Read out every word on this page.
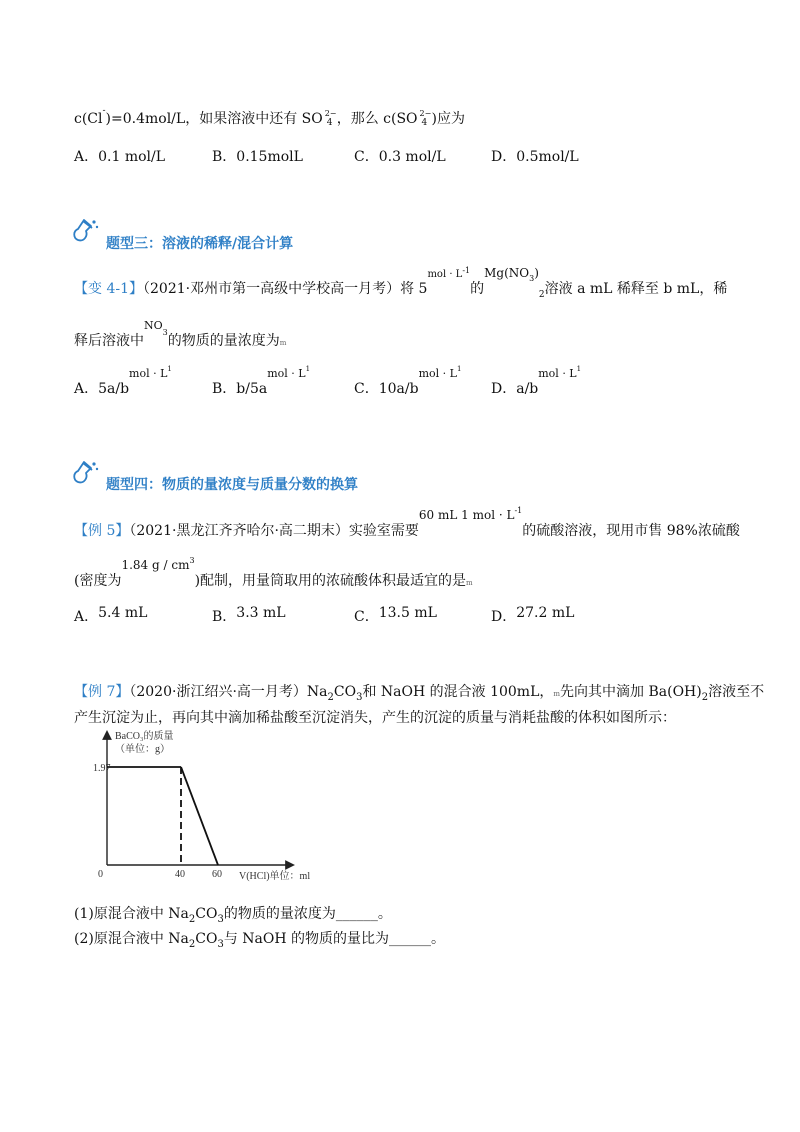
c(Cl-)=0.4mol/L，如果溶液中还有 SO 2−
4 ，那么 c(SO 2−
4 )应为
A．0.1 mol/L	B．0.15molL	C．0.3 mol/L	D．0.5mol/L
题型三：溶液的稀释/混合计算
【变 4-1】（2021·邓州市第一高级中学校高一月考）将 $5^{mol \cdot L-1}$的$Mg(NO^3)_2$溶液 a mL 稀释至 b mL，稀
释后溶液中$^{NO3}$的物质的量浓度为m
A．$5a/b^{mol \cdot L1}$
B．$b/5a^{mol \cdot L1}$
C．$10a/b^{mol \cdot L1}$
D．$a/b^{mol \cdot L1}$
题型四：物质的量浓度与质量分数的换算
【例 5】（2021·黑龙江齐齐哈尔·高二期末）实验室需要60 mL 1 mol · $L^{-1}$的硫酸溶液，现用市售 98%浓硫酸
(密度为1.84 g / $cm^3$)配制，用量筒取用的浓硫酸体积最适宜的是m
A．5.4 mL	B．3.3 mL	C．13.5 mL	D．27.2 mL
【例 7】（2020·浙江绍兴·高一月考）$Na_2CO_3$和 NaOH 的混合液 100mL，m先向其中滴加 $Ba(OH)_2$溶液至不
产生沉淀为止，再向其中滴加稀盐酸至沉淀消失，产生的沉淀的质量与消耗盐酸的体积如图所示：
BaCO₃的质量
（单位：g）
V(HCl)单位：ml
0	40	60
1.97
(1)原混合液中 $Na_2CO_3$的物质的量浓度为______。
(2)原混合液中 $Na_2CO_3$与 NaOH 的物质的量比为______。
